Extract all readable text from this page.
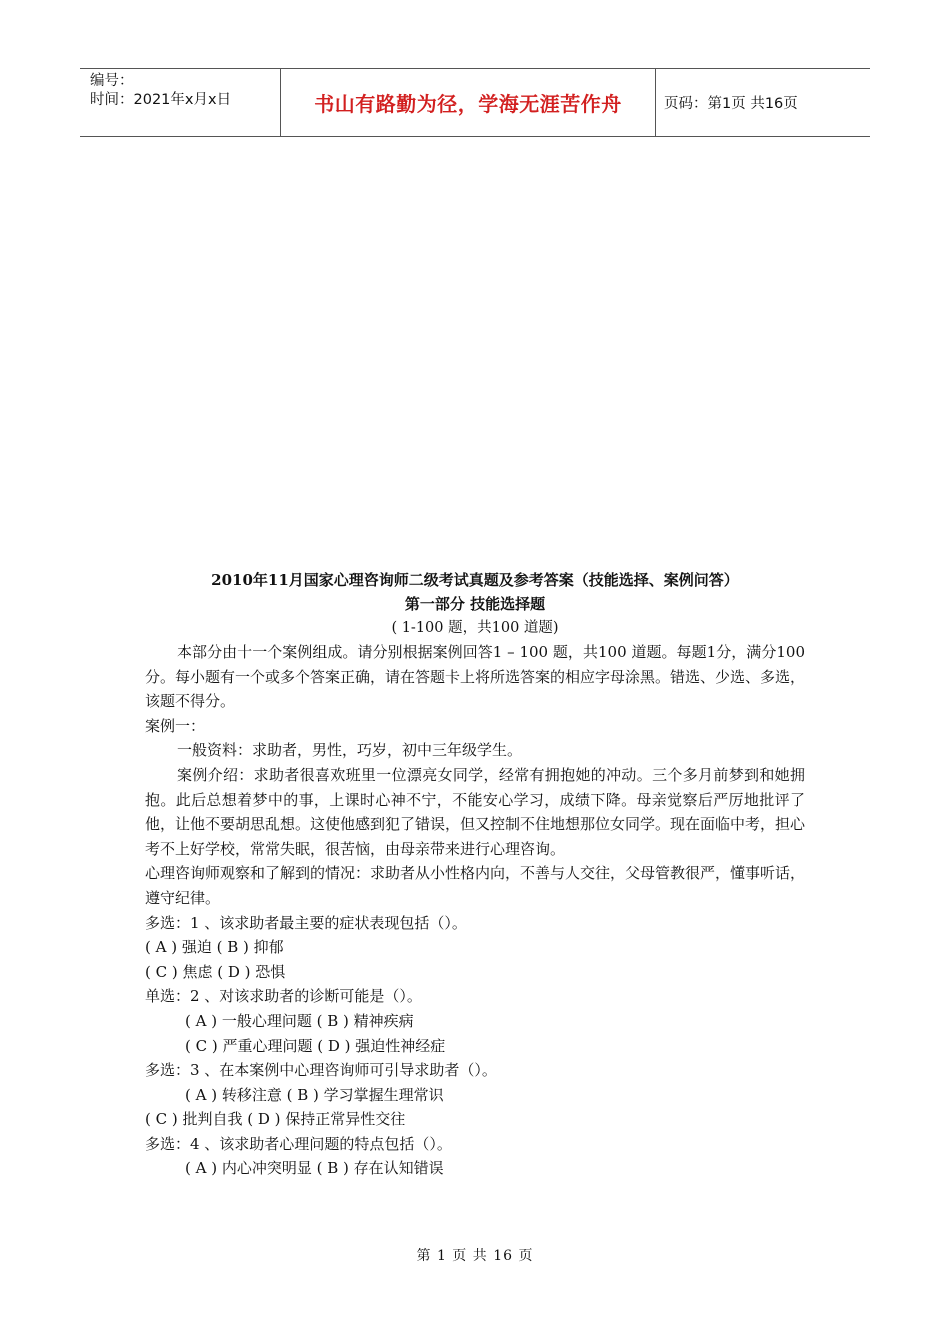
编号：
时间：2021年x月x日	书山有路勤为径，学海无涯苦作舟	页码：第1页 共16页
2010年11月国家心理咨询师二级考试真题及参考答案（技能选择、案例问答）
第一部分 技能选择题
( 1-100 题，共100 道题)
本部分由十一个案例组成。请分别根据案例回答1 – 100 题，共100 道题。每题1分，满分100 分。每小题有一个或多个答案正确，请在答题卡上将所选答案的相应字母涂黑。错选、少选、多选，该题不得分。
案例一：
一般资料：求助者，男性，巧岁，初中三年级学生。
案例介绍：求助者很喜欢班里一位漂亮女同学，经常有拥抱她的冲动。三个多月前梦到和她拥抱。此后总想着梦中的事，上课时心神不宁，不能安心学习，成绩下降。母亲觉察后严厉地批评了他，让他不要胡思乱想。这使他感到犯了错误，但又控制不住地想那位女同学。现在面临中考，担心考不上好学校，常常失眠，很苦恼，由母亲带来进行心理咨询。
心理咨询师观察和了解到的情况：求助者从小性格内向，不善与人交往，父母管教很严，懂事听话，遵守纪律。
多选：1 、该求助者最主要的症状表现包括（）。
( A ) 强迫 ( B ) 抑郁
( C ) 焦虑 ( D ) 恐惧
单选：2 、对该求助者的诊断可能是（）。
( A ) 一般心理问题 ( B ) 精神疾病
( C ) 严重心理问题 ( D ) 强迫性神经症
多选：3 、在本案例中心理咨询师可引导求助者（）。
( A ) 转移注意 ( B ) 学习掌握生理常识
( C ) 批判自我 ( D ) 保持正常异性交往
多选：4 、该求助者心理问题的特点包括（）。
( A ) 内心冲突明显 ( B ) 存在认知错误
第 1 页 共 16 页
